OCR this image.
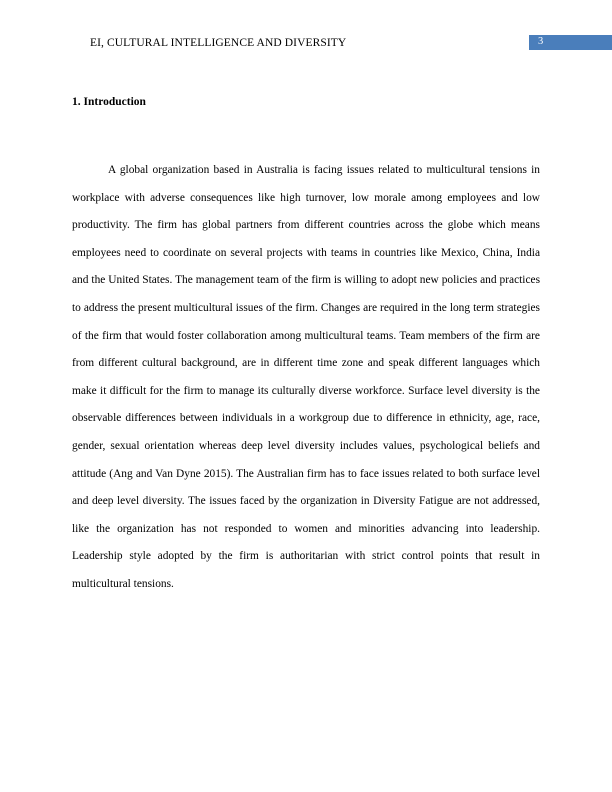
EI, CULTURAL INTELLIGENCE AND DIVERSITY	3
1. Introduction

A global organization based in Australia is facing issues related to multicultural tensions in workplace with adverse consequences like high turnover, low morale among employees and low productivity. The firm has global partners from different countries across the globe which means employees need to coordinate on several projects with teams in countries like Mexico, China, India and the United States. The management team of the firm is willing to adopt new policies and practices to address the present multicultural issues of the firm. Changes are required in the long term strategies of the firm that would foster collaboration among multicultural teams. Team members of the firm are from different cultural background, are in different time zone and speak different languages which make it difficult for the firm to manage its culturally diverse workforce. Surface level diversity is the observable differences between individuals in a workgroup due to difference in ethnicity, age, race, gender, sexual orientation whereas deep level diversity includes values, psychological beliefs and attitude (Ang and Van Dyne 2015). The Australian firm has to face issues related to both surface level and deep level diversity. The issues faced by the organization in Diversity Fatigue are not addressed, like the organization has not responded to women and minorities advancing into leadership. Leadership style adopted by the firm is authoritarian with strict control points that result in multicultural tensions.
